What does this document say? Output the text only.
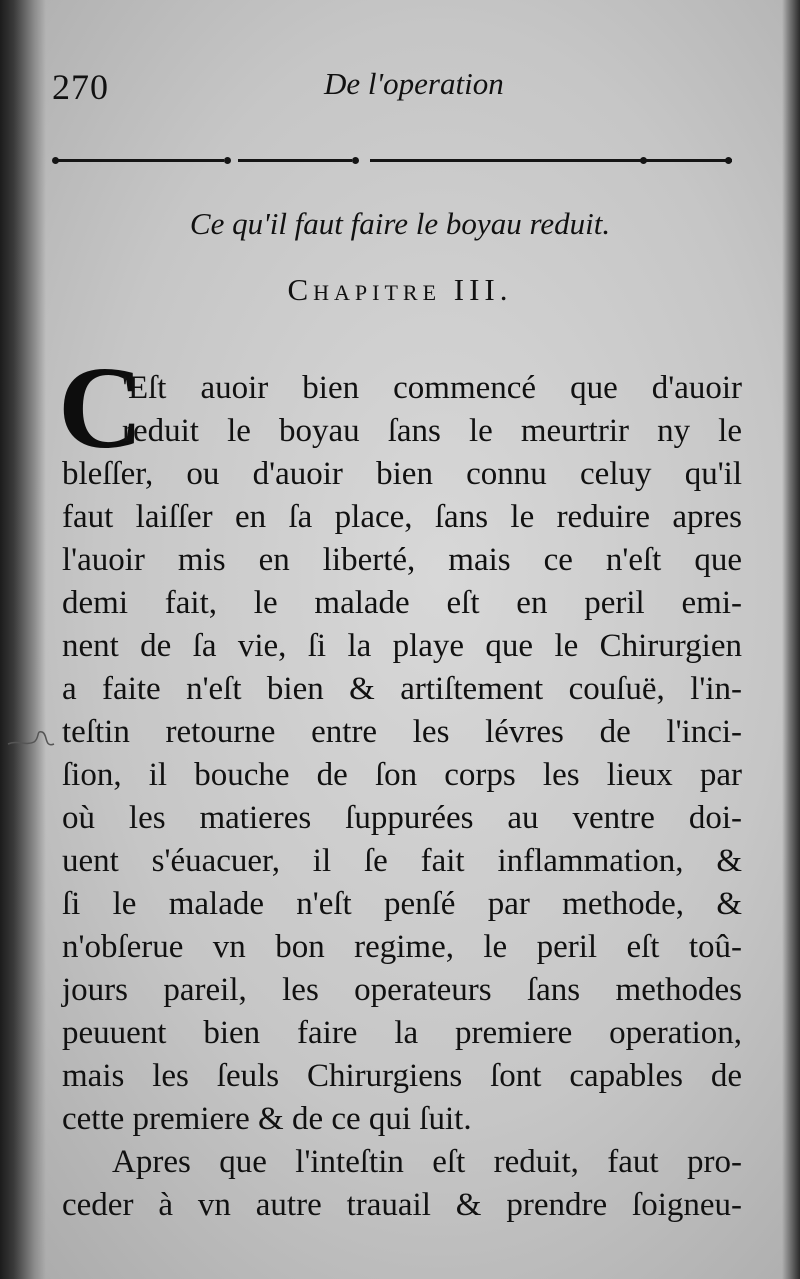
270	De l'operation
Ce qu'il faut faire le boyau reduit.
Chapitre III.
C
'Eſt auoir bien commencé que d'auoir
reduit le boyau ſans le meurtrir ny le
bleſſer, ou d'auoir bien connu celuy qu'il
faut laiſſer en ſa place, ſans le reduire apres
l'auoir mis en liberté, mais ce n'eſt que
demi fait, le malade eſt en peril emi-
nent de ſa vie, ſi la playe que le Chirurgien
a faite n'eſt bien & artiſtement couſuë, l'in-
teſtin retourne entre les lévres de l'inci-
ſion, il bouche de ſon corps les lieux par
où les matieres ſuppurées au ventre doi-
uent s'éuacuer, il ſe fait inflammation, &
ſi le malade n'eſt penſé par methode, &
n'obſerue vn bon regime, le peril eſt toû-
jours pareil, les operateurs ſans methodes
peuuent bien faire la premiere operation,
mais les ſeuls Chirurgiens ſont capables de
cette premiere & de ce qui ſuit.
Apres que l'inteſtin eſt reduit, faut pro-
ceder à vn autre trauail & prendre ſoigneu-
